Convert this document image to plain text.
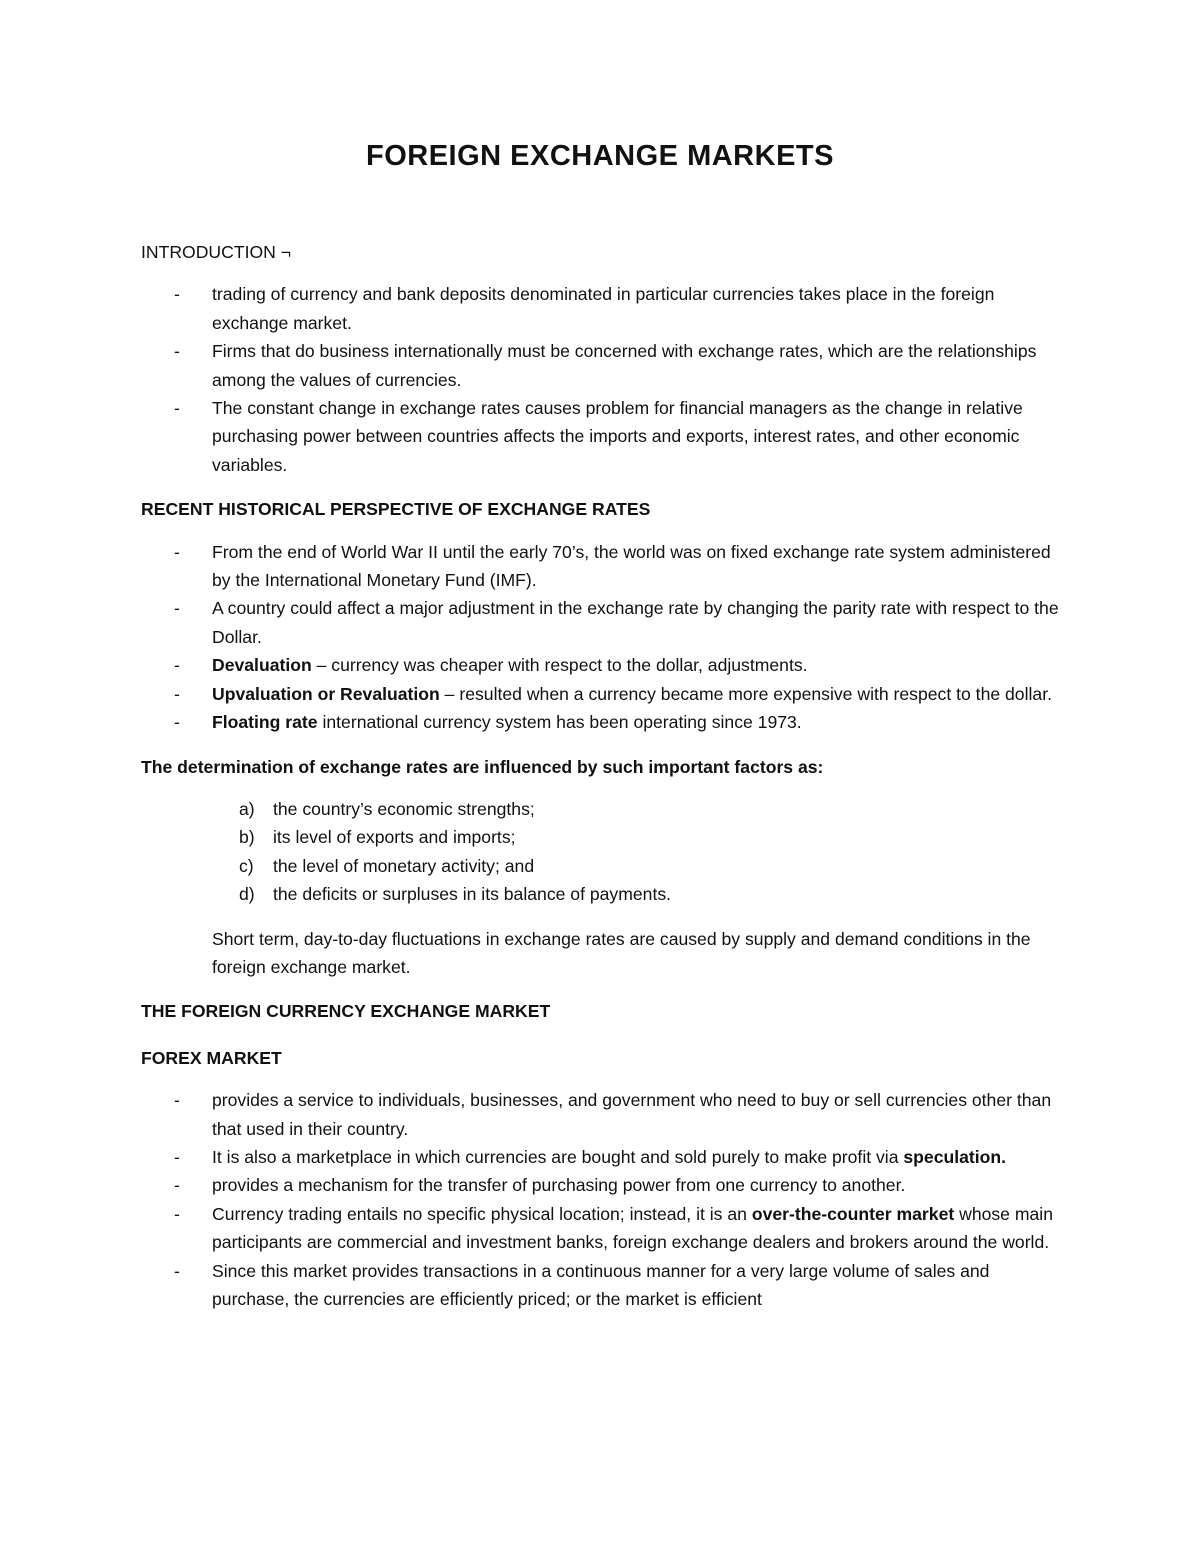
FOREIGN EXCHANGE MARKETS

INTRODUCTION ¬

- trading of currency and bank deposits denominated in particular currencies takes place in the foreign exchange market.
- Firms that do business internationally must be concerned with exchange rates, which are the relationships among the values of currencies.
- The constant change in exchange rates causes problem for financial managers as the change in relative purchasing power between countries affects the imports and exports, interest rates, and other economic variables.

RECENT HISTORICAL PERSPECTIVE OF EXCHANGE RATES

- From the end of World War II until the early 70’s, the world was on fixed exchange rate system administered by the International Monetary Fund (IMF).
- A country could affect a major adjustment in the exchange rate by changing the parity rate with respect to the Dollar.
- Devaluation – currency was cheaper with respect to the dollar, adjustments.
- Upvaluation or Revaluation – resulted when a currency became more expensive with respect to the dollar.
- Floating rate international currency system has been operating since 1973.

The determination of exchange rates are influenced by such important factors as:

a) the country’s economic strengths;
b) its level of exports and imports;
c) the level of monetary activity; and
d) the deficits or surpluses in its balance of payments.

Short term, day-to-day fluctuations in exchange rates are caused by supply and demand conditions in the foreign exchange market.

THE FOREIGN CURRENCY EXCHANGE MARKET

FOREX MARKET

- provides a service to individuals, businesses, and government who need to buy or sell currencies other than that used in their country.
- It is also a marketplace in which currencies are bought and sold purely to make profit via speculation.
- provides a mechanism for the transfer of purchasing power from one currency to another.
- Currency trading entails no specific physical location; instead, it is an over-the-counter market whose main participants are commercial and investment banks, foreign exchange dealers and brokers around the world.
- Since this market provides transactions in a continuous manner for a very large volume of sales and purchase, the currencies are efficiently priced; or the market is efficient
